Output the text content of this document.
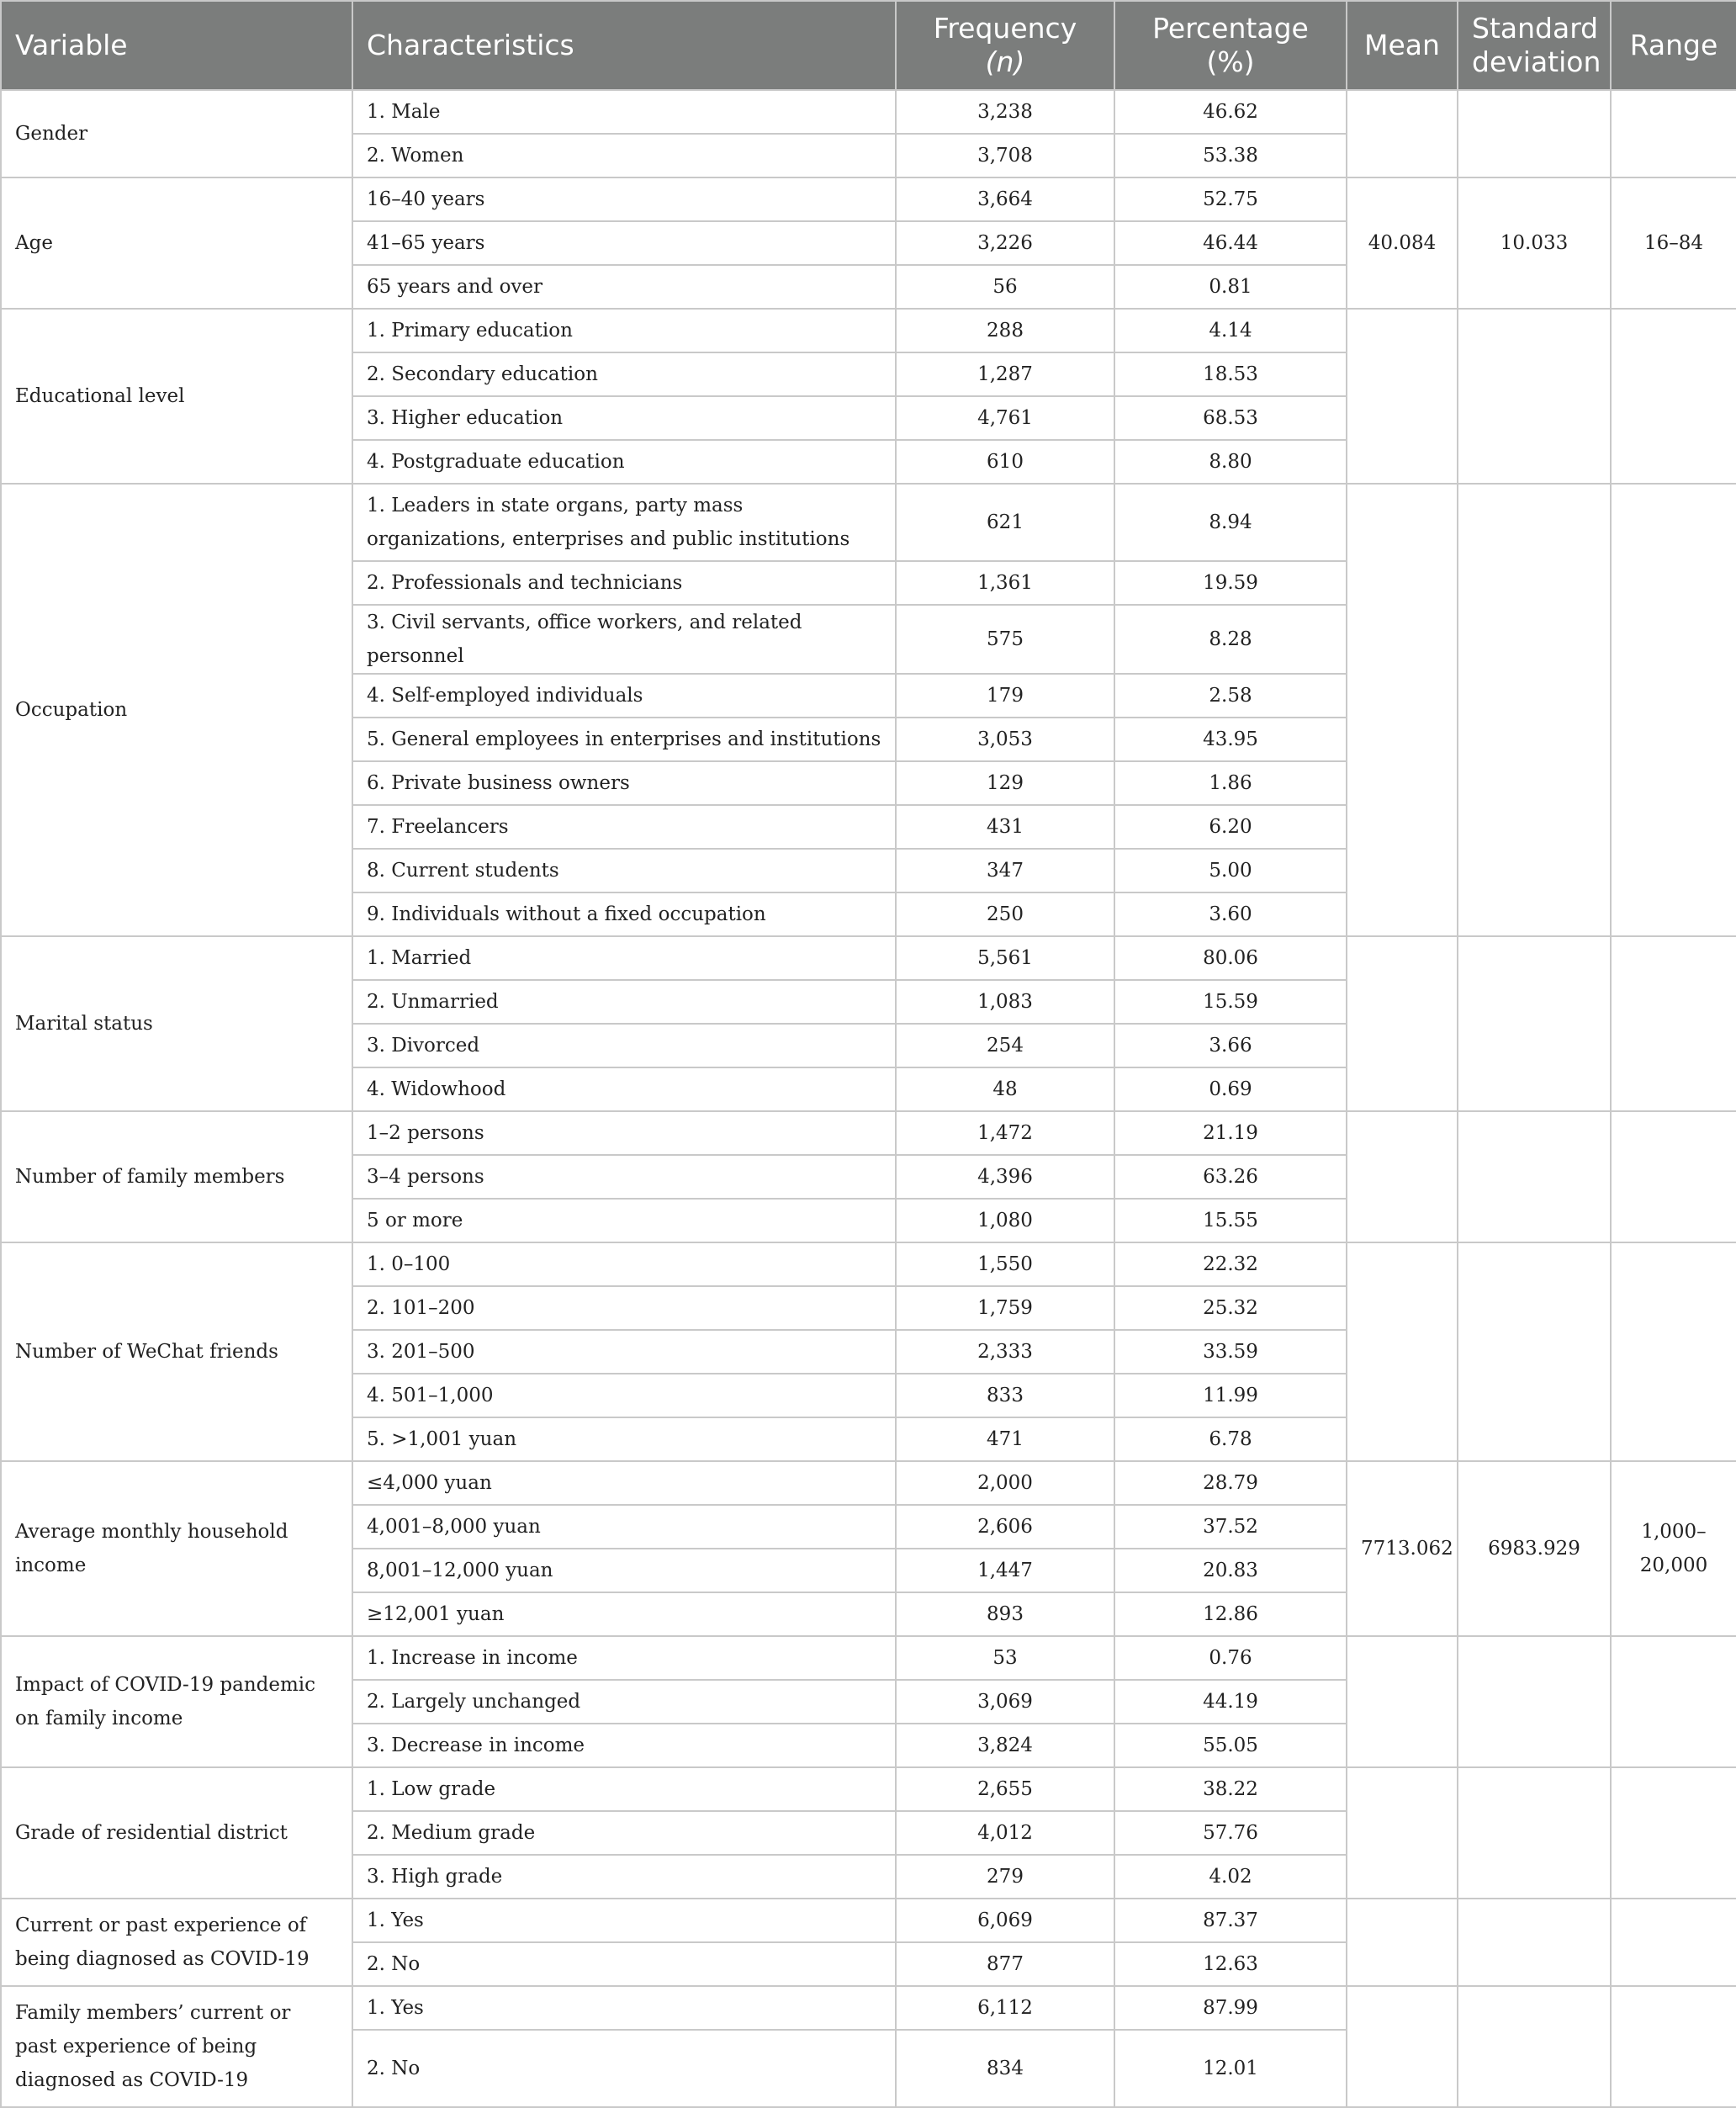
Variable	Characteristics	Frequency (n)	Percentage (%)	Mean	Standard deviation	Range
Gender	1. Male	3,238	46.62			
	2. Women	3,708	53.38			
Age	16–40 years	3,664	52.75	40.084	10.033	16–84
	41–65 years	3,226	46.44			
	65 years and over	56	0.81			
Educational level	1. Primary education	288	4.14			
	2. Secondary education	1,287	18.53			
	3. Higher education	4,761	68.53			
	4. Postgraduate education	610	8.80			
Occupation	1. Leaders in state organs, party mass organizations, enterprises and public institutions	621	8.94			
	2. Professionals and technicians	1,361	19.59			
	3. Civil servants, office workers, and related personnel	575	8.28			
	4. Self-employed individuals	179	2.58			
	5. General employees in enterprises and institutions	3,053	43.95			
	6. Private business owners	129	1.86			
	7. Freelancers	431	6.20			
	8. Current students	347	5.00			
	9. Individuals without a fixed occupation	250	3.60			
Marital status	1. Married	5,561	80.06			
	2. Unmarried	1,083	15.59			
	3. Divorced	254	3.66			
	4. Widowhood	48	0.69			
Number of family members	1–2 persons	1,472	21.19			
	3–4 persons	4,396	63.26			
	5 or more	1,080	15.55			
Number of WeChat friends	1. 0–100	1,550	22.32			
	2. 101–200	1,759	25.32			
	3. 201–500	2,333	33.59			
	4. 501–1,000	833	11.99			
	5. >1,001 yuan	471	6.78			
Average monthly household income	≤4,000 yuan	2,000	28.79	7713.062	6983.929	1,000–20,000
	4,001–8,000 yuan	2,606	37.52			
	8,001–12,000 yuan	1,447	20.83			
	≥12,001 yuan	893	12.86			
Impact of COVID-19 pandemic on family income	1. Increase in income	53	0.76			
	2. Largely unchanged	3,069	44.19			
	3. Decrease in income	3,824	55.05			
Grade of residential district	1. Low grade	2,655	38.22			
	2. Medium grade	4,012	57.76			
	3. High grade	279	4.02			
Current or past experience of being diagnosed as COVID-19	1. Yes	6,069	87.37			
	2. No	877	12.63			
Family members’ current or past experience of being diagnosed as COVID-19	1. Yes	6,112	87.99			
	2. No	834	12.01			
